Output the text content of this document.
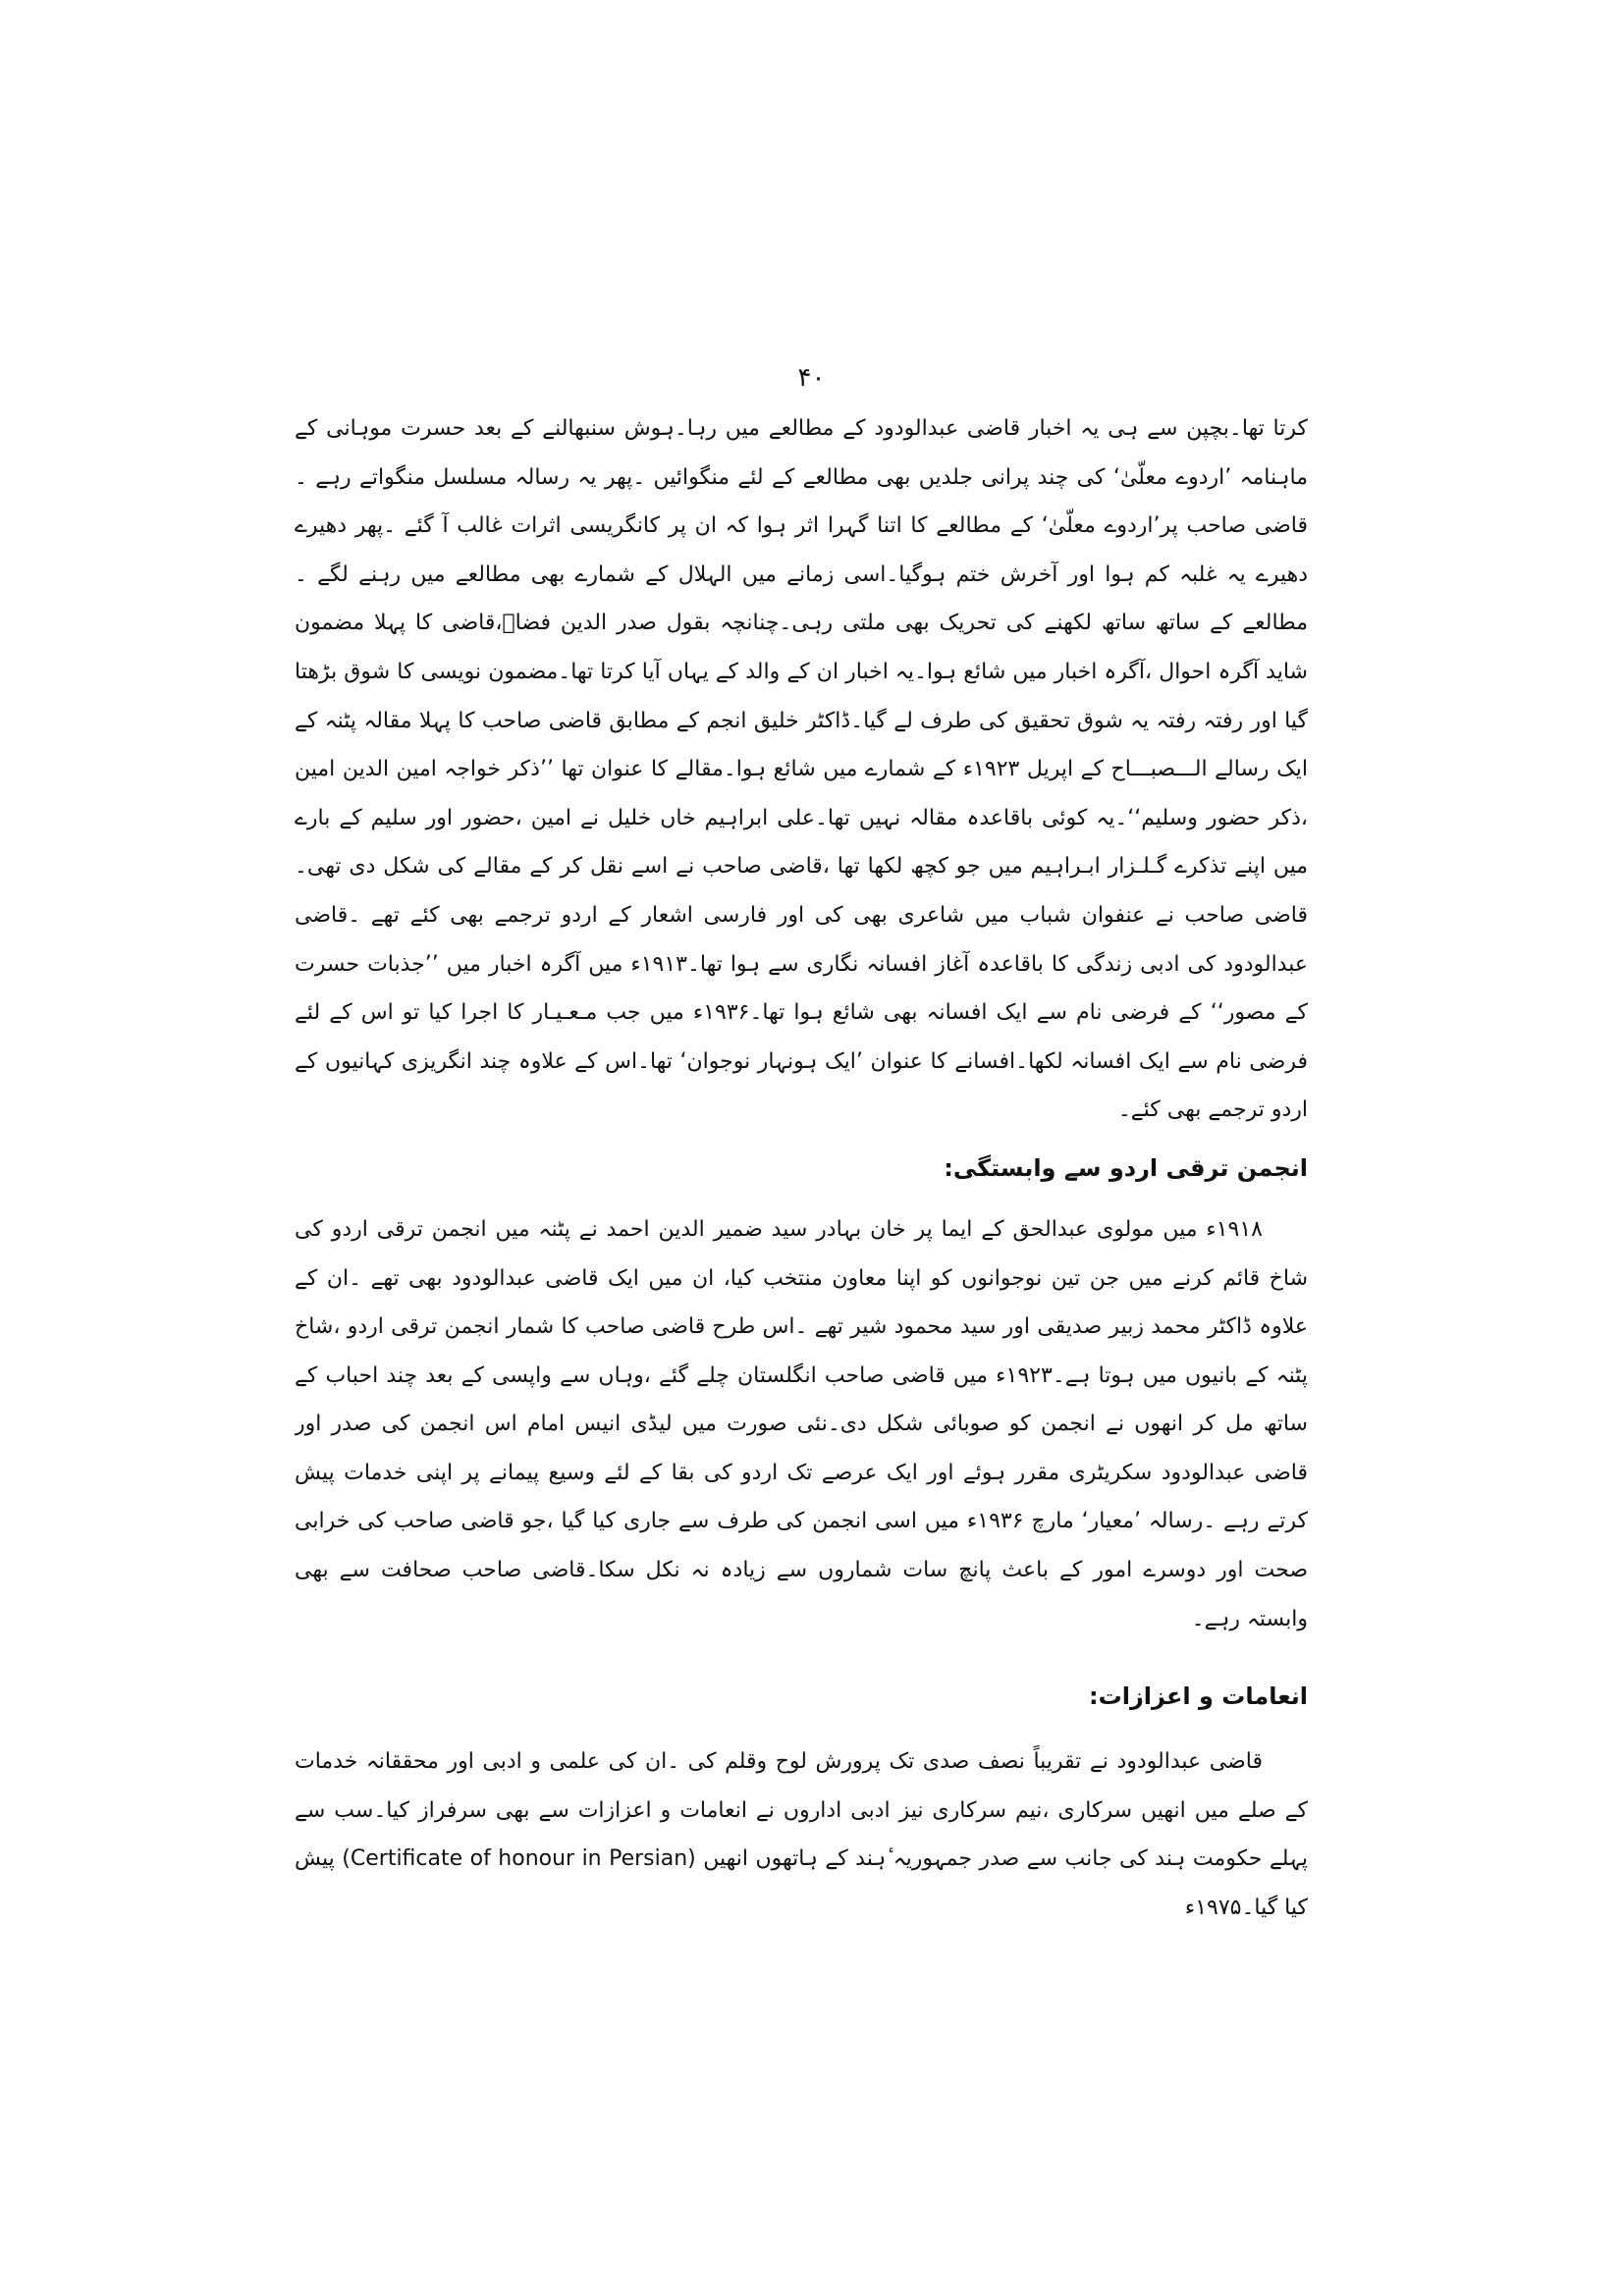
۴۰

کرتا تھا۔بچپن سے ہی یہ اخبار قاضی عبدالودود کے مطالعے میں رہا۔ہوش سنبھالنے کے بعد حسرت موہانی کے ماہنامہ ’اردوے معلّیٰ‘ کی چند پرانی جلدیں بھی مطالعے کے لئے منگوائیں ۔پھر یہ رسالہ مسلسل منگواتے رہے ۔قاضی صاحب پر’اردوے معلّیٰ‘ کے مطالعے کا اتنا گہرا اثر ہوا کہ ان پر کانگریسی اثرات غالب آ گئے ۔پھر دھیرے دھیرے یہ غلبہ کم ہوا اور آخرش ختم ہوگیا۔اسی زمانے میں الہلال کے شمارے بھی مطالعے میں رہنے لگے ۔مطالعے کے ساتھ ساتھ لکھنے کی تحریک بھی ملتی رہی۔چنانچہ بقول صدر الدین فضاؔ،قاضی کا پہلا مضمون شاید آگرہ احوال ،آگرہ اخبار میں شائع ہوا۔یہ اخبار ان کے والد کے یہاں آیا کرتا تھا۔مضمون نویسی کا شوق بڑھتا گیا اور رفتہ رفتہ یہ شوق تحقیق کی طرف لے گیا۔ڈاکٹر خلیق انجم کے مطابق قاضی صاحب کا پہلا مقالہ پٹنہ کے ایک رسالے الـــصبـــاح کے اپریل ۱۹۲۳ء کے شمارے میں شائع ہوا۔مقالے کا عنوان تھا ’’ذکر خواجہ امین الدین امین ،ذکر حضور وسلیم‘‘۔یہ کوئی باقاعدہ مقالہ نہیں تھا۔علی ابراہیم خاں خلیل نے امین ،حضور اور سلیم کے بارے میں اپنے تذکرے گـلـزار ابـراہیم میں جو کچھ لکھا تھا ،قاضی صاحب نے اسے نقل کر کے مقالے کی شکل دی تھی۔قاضی صاحب نے عنفوان شباب میں شاعری بھی کی اور فارسی اشعار کے اردو ترجمے بھی کئے تھے ۔قاضی عبدالودود کی ادبی زندگی کا باقاعدہ آغاز افسانہ نگاری سے ہوا تھا۔۱۹۱۳ء میں آگرہ اخبار میں ’’جذبات حسرت کے مصور‘‘ کے فرضی نام سے ایک افسانہ بھی شائع ہوا تھا۔۱۹۳۶ء میں جب مـعـیـار کا اجرا کیا تو اس کے لئے فرضی نام سے ایک افسانہ لکھا۔افسانے کا عنوان ’ایک ہونہار نوجوان‘ تھا۔اس کے علاوہ چند انگریزی کہانیوں کے اردو ترجمے بھی کئے۔

انجمن ترقی اردو سے وابستگی:

۱۹۱۸ء میں مولوی عبدالحق کے ایما پر خان بہادر سید ضمیر الدین احمد نے پٹنہ میں انجمن ترقی اردو کی شاخ قائم کرنے میں جن تین نوجوانوں کو اپنا معاون منتخب کیا، ان میں ایک قاضی عبدالودود بھی تھے ۔ان کے علاوہ ڈاکٹر محمد زبیر صدیقی اور سید محمود شیر تھے ۔اس طرح قاضی صاحب کا شمار انجمن ترقی اردو ،شاخ پٹنہ کے بانیوں میں ہوتا ہے۔۱۹۲۳ء میں قاضی صاحب انگلستان چلے گئے ،وہاں سے واپسی کے بعد چند احباب کے ساتھ مل کر انھوں نے انجمن کو صوبائی شکل دی۔نئی صورت میں لیڈی انیس امام اس انجمن کی صدر اور قاضی عبدالودود سکریٹری مقرر ہوئے اور ایک عرصے تک اردو کی بقا کے لئے وسیع پیمانے پر اپنی خدمات پیش کرتے رہے ۔رسالہ ’معیار‘ مارچ ۱۹۳۶ء میں اسی انجمن کی طرف سے جاری کیا گیا ،جو قاضی صاحب کی خرابی صحت اور دوسرے امور کے باعث پانچ سات شماروں سے زیادہ نہ نکل سکا۔قاضی صاحب صحافت سے بھی وابستہ رہے۔

انعامات و اعزازات:

قاضی عبدالودود نے تقریباً نصف صدی تک پرورش لوح وقلم کی ۔ان کی علمی و ادبی اور محققانہ خدمات کے صلے میں انھیں سرکاری ،نیم سرکاری نیز ادبی اداروں نے انعامات و اعزازات سے بھی سرفراز کیا۔سب سے پہلے حکومت ہند کی جانب سے صدر جمہوریہ ٔہند کے ہاتھوں انھیں (Certificate of honour in Persian) پیش کیا گیا۔۱۹۷۵ء
